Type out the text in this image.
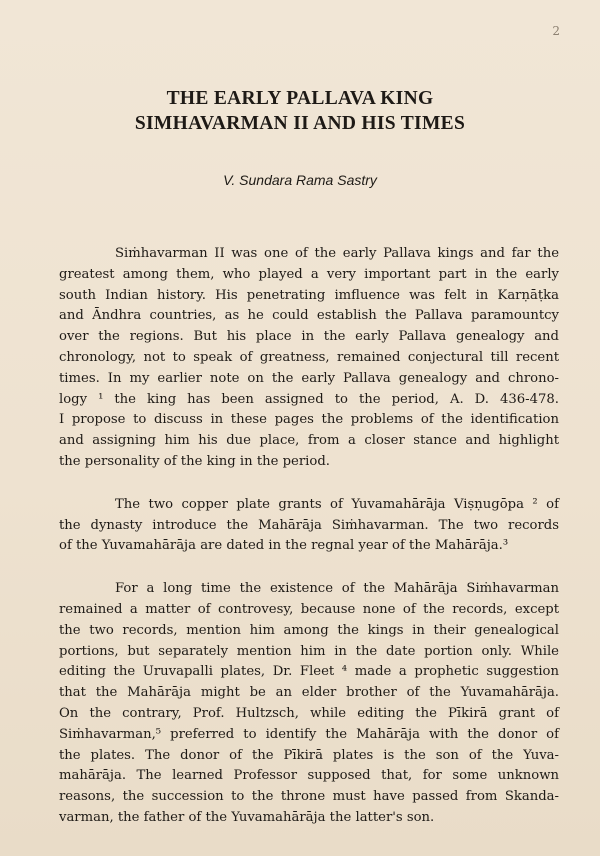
2
THE EARLY PALLAVA KING
SIMHAVARMAN II AND HIS TIMES
V. Sundara Rama Sastry
Siṁhavarman II was one of the early Pallava kings and far the
greatest among them, who played a very important part in the early
south Indian history. His penetrating imfluence was felt in Karṇāṭka
and Āndhra countries, as he could establish the Pallava paramountcy
over the regions. But his place in the early Pallava genealogy and
chronology, not to speak of greatness, remained conjectural till recent
times. In my earlier note on the early Pallava genealogy and chrono-
logy ¹ the king has been assigned to the period, A. D. 436-478.
I propose to discuss in these pages the problems of the identification
and assigning him his due place, from a closer stance and highlight
the personality of the king in the period.
The two copper plate grants of Yuvamahārāja Viṣṇugōpa ² of
the dynasty introduce the Mahārāja Siṁhavarman. The two records
of the Yuvamahārāja are dated in the regnal year of the Mahārāja.³
For a long time the existence of the Mahārāja Siṁhavarman
remained a matter of controvesy, because none of the records, except
the two records, mention him among the kings in their genealogical
portions, but separately mention him in the date portion only. While
editing the Uruvapalli plates, Dr. Fleet ⁴ made a prophetic suggestion
that the Mahārāja might be an elder brother of the Yuvamahārāja.
On the contrary, Prof. Hultzsch, while editing the Pīkirā grant of
Siṁhavarman,⁵ preferred to identify the Mahārāja with the donor of
the plates. The donor of the Pīkirā plates is the son of the Yuva-
mahārāja. The learned Professor supposed that, for some unknown
reasons, the succession to the throne must have passed from Skanda-
varman, the father of the Yuvamahārāja the latter's son.
